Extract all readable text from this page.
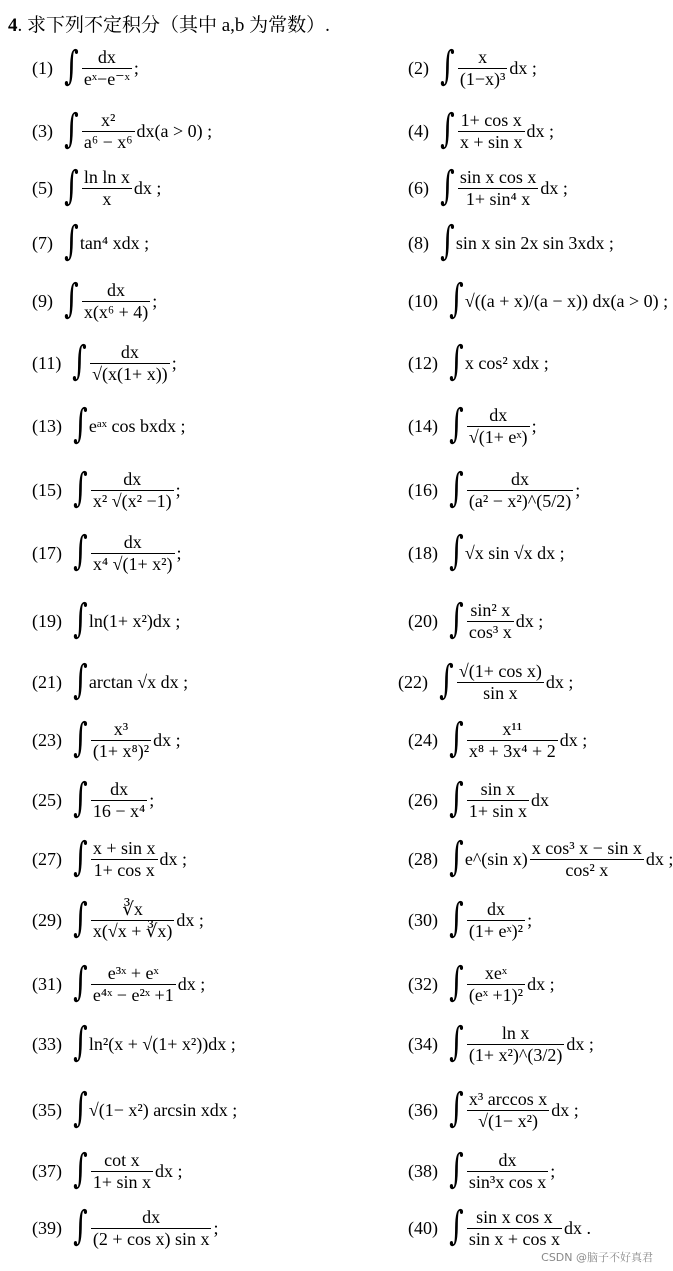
4. 求下列不定积分（其中 a,b 为常数）.
(1) ∫ $\frac{dx}{\text{eˣ−e⁻ˣ}}$ ;	(2) ∫ $\frac{x}{\text{(1−x)³}}$ dx ;
(3) ∫ $\frac{\text{x²}}{\text{a⁶ − x⁶}} dx(a > 0)$ ;	(4) ∫ $\frac{\text{1+ cos x}}{\text{x + sin x}}$ dx ;
(5) ∫ $\frac{\text{ln ln x}}{x}$ dx ;	(6) ∫ $\frac{\text{sin x cos x}}{\text{1+ sin⁴ x}}$ dx ;
(7) ∫ tan⁴ xdx ;	(8) ∫ sin x sin 2x sin 3xdx ;
(9) ∫ $\frac{dx}{\text{x(x⁶ + 4)}}$ ;	(10) ∫ √((a + x)/(a − x)) dx(a > 0) ;
(11) ∫ $\frac{dx}{√(x(1+ x))}$ ;	(12) ∫ x cos² xdx ;
(13) ∫ eᵃˣ cos bxdx ;	(14) ∫ $\frac{dx}{\text{√(1+ eˣ)}}$ ;
(15) ∫ $\frac{dx}{\text{x² √(x² −1)}}$ ;	(16) ∫ $\frac{dx}{\text{(a² − x²)\textasciicircum{}(5/2)}}$ ;
(17) ∫ $\frac{dx}{\text{x⁴ √(1+ x²)}}$ ;	(18) ∫ √x sin √x dx ;
(19) ∫ ln(1+ x²)dx ;	(20) ∫ $\frac{\text{sin² x}}{\text{cos³ x}}$ dx ;
(21) ∫ arctan √x dx ;	(22) ∫ $\frac{\text{√(1+ cos x)}}{\text{sin x}}$ dx ;
(23) ∫ $\frac{\text{x³}}{\text{(1+ x⁸)²}}$ dx ;	(24) ∫ $\frac{\text{x¹¹}}{\text{x⁸ + 3x⁴ + 2}}$ dx ;
(25) ∫ $\frac{dx}{\text{16 − x⁴}}$ ;	(26) ∫ $\frac{\text{sin x}}{\text{1+ sin x}}$ dx
(27) ∫ $\frac{\text{x + sin x}}{\text{1+ cos x}}$ dx ;	(28) ∫ e^(sin $x) \frac{\text{x cos³ x − sin x}}{\text{cos² x}}$ dx ;
(29) ∫ $\frac{∛x}{x(√x + ∛x)}$ dx ;	(30) ∫ $\frac{dx}{\text{(1+ eˣ)²}}$ ;
(31) ∫ $\frac{\text{e³ˣ + eˣ}}{\text{e⁴ˣ − e²ˣ +1}}$ dx ;	(32) ∫ $\frac{\text{xeˣ}}{\text{(eˣ +1)²}}$ dx ;
(33) ∫ ln²(x + √(1+ x²))dx ;	(34) ∫ $\frac{\text{ln x}}{\text{(1+ x²)\textasciicircum{}(3/2)}}$ dx ;
(35) ∫ √(1− x²) arcsin xdx ;	(36) ∫ $\frac{\text{x³ arccos x}}{\text{√(1− x²)}}$ dx ;
(37) ∫ $\frac{\text{cot x}}{\text{1+ sin x}}$ dx ;	(38) ∫ $\frac{dx}{\text{sin³x cos x}}$ ;
(39) ∫ $\frac{dx}{\text{(2 + cos x) sin x}}$ ;	(40) ∫ $\frac{\text{sin x cos x}}{\text{sin x + cos x}}$ dx .
CSDN @脑子不好真君
